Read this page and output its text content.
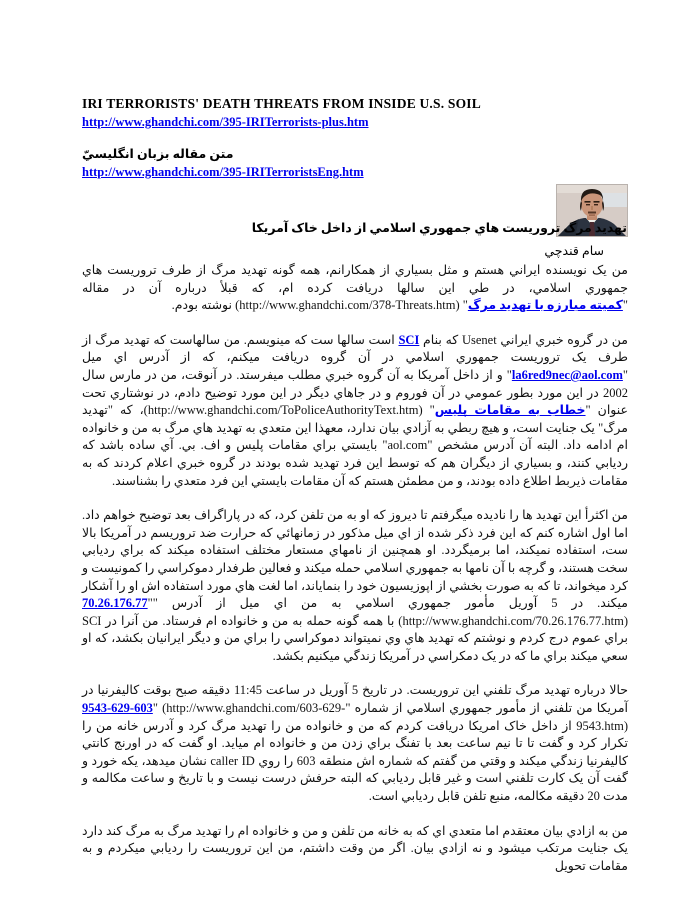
IRI TERRORISTS' DEATH THREATS FROM INSIDE U.S. SOIL
http://www.ghandchi.com/395-IRITerrorists-plus.htm
متن مقاله بزبان انگليسيّ
http://www.ghandchi.com/395-IRITerroristsEng.htm
تهديد مرگ تروريست هاي جمهوري اسلامي از داخل خاک آمريکا
سام قندچي

من يک نويسنده ايراني هستم و مثل بسياري از همکارانم، همه گونه تهديد مرگ از طرف تروريست هاي جمهوري اسلامي، در طي اين سالها دريافت کرده ام، که قبلأ درباره آن در مقاله "کميته مبارزه با تهديد مرگ" (http://www.ghandchi.com/378-Threats.htm) نوشته بودم.

من در گروه خبري ايراني Usenet که بنام SCI است سالها ست که مينويسم. من سالهاست که تهديد مرگ از طرف يک تروريست جمهوري اسلامي در آن گروه دريافت ميکنم، که از آدرس اي ميل "la6red9nec@aol.com" و از داخل آمريکا به آن گروه خبري مطلب ميفرستد. در آنوقت، من در مارس سال 2002 در اين مورد بطور عمومي در آن فوروم و در جاهاي ديگر در اين مورد توضيح دادم، در نوشتاري تحت عنوان "خطاب به مقامات پليس" (http://www.ghandchi.com/ToPoliceAuthorityText.htm)، که "تهديد مرگ" يک جنايت است، و هيچ ربطي به آزادي بيان ندارد، معهذا اين متعدي به تهديد هاي مرگ به من و خانواده ام ادامه داد. البته آن آدرس مشخص "aol.com" بايستي براي مقامات پليس و اف. بي. آي ساده باشد که رديابي کنند، و بسياري از ديگران هم که توسط اين فرد تهديد شده بودند در گروه خبري اعلام کردند که به مقامات ذيربط اطلاع داده بودند، و من مطمئن هستم که آن مقامات بايستي اين فرد متعدي را بشناسند.

من اکثرأ اين تهديد ها را ناديده ميگرفتم تا ديروز که او به من تلفن کرد، که در پاراگراف بعد توضيح خواهم داد. اما اول اشاره کنم که اين فرد ذکر شده از اي ميل مذکور در زمانهائي که حرارت ضد تروريسم در آمريکا بالا ست، استفاده نميکند، اما برميگردد. او همچنين از نامهاي مستعار مختلف استفاده ميکند که براي رديابي سخت هستند، و گرچه با آن نامها به جمهوري اسلامي حمله ميکند و فعالين طرفدار دموکراسي را کمونيست و کرد ميخواند، تا که به صورت بخشي از اپوزيسيون خود را بنماياند، اما لغت هاي مورد استفاده اش او را آشکار ميکند. در 5 آوريل مأمور جمهوري اسلامي به من اي ميل از آدرس "70.26.176.77" (http://www.ghandchi.com/70.26.176.77.htm) با همه گونه حمله به من و خانواده ام فرستاد. من آنرا در SCI براي عموم درج کردم و نوشتم که تهديد هاي وي نميتواند دموکراسي را براي من و ديگر ايرانيان بکشد، که او سعي ميکند براي ما که در يک دمکراسي در آمريکا زندگي ميکنيم بکشد.

حالا درباره تهديد مرگ تلفني اين تروريست. در تاريخ 5 آوريل در ساعت 11:45 دقيقه صبح بوقت کاليفرنيا در آمريکا من تلفني از مأمور جمهوري اسلامي از شماره "9543-629-603" (http://www.ghandchi.com/603-629-9543.htm) از داخل خاک امريکا دريافت کردم که من و خانواده من را تهديد مرگ کرد و آدرس خانه من را تکرار کرد و گفت تا تا نيم ساعت بعد با تفنگ براي زدن من و خانواده ام ميايد. او گفت که در اورنج کانتي کاليفرنيا زندگي ميکند و وقتي من گفتم که شماره اش منطقه 603 را روي caller ID نشان ميدهد، يکه خورد و گفت آن يک کارت تلفني است و غير قابل رديابي که البته حرفش درست نيست و با تاريخ و ساعت مکالمه و مدت 20 دقيقه مکالمه، منبع تلفن قابل رديابي است.

من به ازادي بيان معتقدم اما متعدي اي که به خانه من تلفن و من و خانواده ام را تهديد مرگ به مرگ کند دارد يک جنايت مرتکب ميشود و نه ازادي بيان. اگر من وقت داشتم، من اين تروريست را رديابي ميکردم و به مقامات تحويل
